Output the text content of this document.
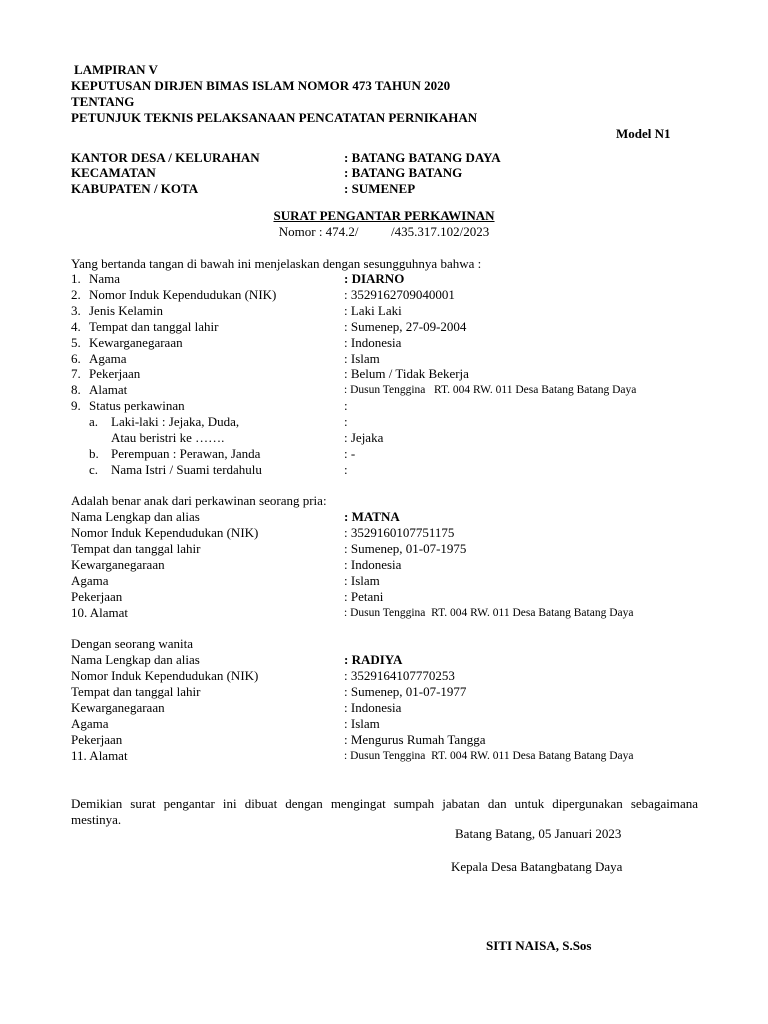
LAMPIRAN V
KEPUTUSAN DIRJEN BIMAS ISLAM NOMOR 473 TAHUN 2020
TENTANG
PETUNJUK TEKNIS PELAKSANAAN PENCATATAN PERNIKAHAN
Model N1
KANTOR DESA / KELURAHAN	: BATANG BATANG DAYA
KECAMATAN	: BATANG BATANG
KABUPATEN / KOTA	: SUMENEP
SURAT PENGANTAR PERKAWINAN
Nomor : 474.2/          /435.317.102/2023
Yang bertanda tangan di bawah ini menjelaskan dengan sesungguhnya bahwa :
1. Nama	: DIARNO
2. Nomor Induk Kependudukan (NIK)	: 3529162709040001
3. Jenis Kelamin	: Laki Laki
4. Tempat dan tanggal lahir	: Sumenep, 27-09-2004
5. Kewarganegaraan	: Indonesia
6. Agama	: Islam
7. Pekerjaan	: Belum / Tidak Bekerja
8. Alamat	: Dusun Tenggina   RT. 004 RW. 011 Desa Batang Batang Daya
9. Status perkawinan	:
a. Laki-laki : Jejaka, Duda,	:
Atau beristri ke …….	: Jejaka
b. Perempuan : Perawan, Janda	: -
c. Nama Istri / Suami terdahulu	:
Adalah benar anak dari perkawinan seorang pria:
Nama Lengkap dan alias	: MATNA
Nomor Induk Kependudukan (NIK)	: 3529160107751175
Tempat dan tanggal lahir	: Sumenep, 01-07-1975
Kewarganegaraan	: Indonesia
Agama	: Islam
Pekerjaan	: Petani
10. Alamat	: Dusun Tenggina  RT. 004 RW. 011 Desa Batang Batang Daya
Dengan seorang wanita
Nama Lengkap dan alias	: RADIYA
Nomor Induk Kependudukan (NIK)	: 3529164107770253
Tempat dan tanggal lahir	: Sumenep, 01-07-1977
Kewarganegaraan	: Indonesia
Agama	: Islam
Pekerjaan	: Mengurus Rumah Tangga
11. Alamat	: Dusun Tenggina  RT. 004 RW. 011 Desa Batang Batang Daya
Demikian surat pengantar ini dibuat dengan mengingat sumpah jabatan dan untuk dipergunakan sebagaimana
mestinya.
Batang Batang, 05 Januari 2023
Kepala Desa Batangbatang Daya
SITI NAISA, S.Sos
